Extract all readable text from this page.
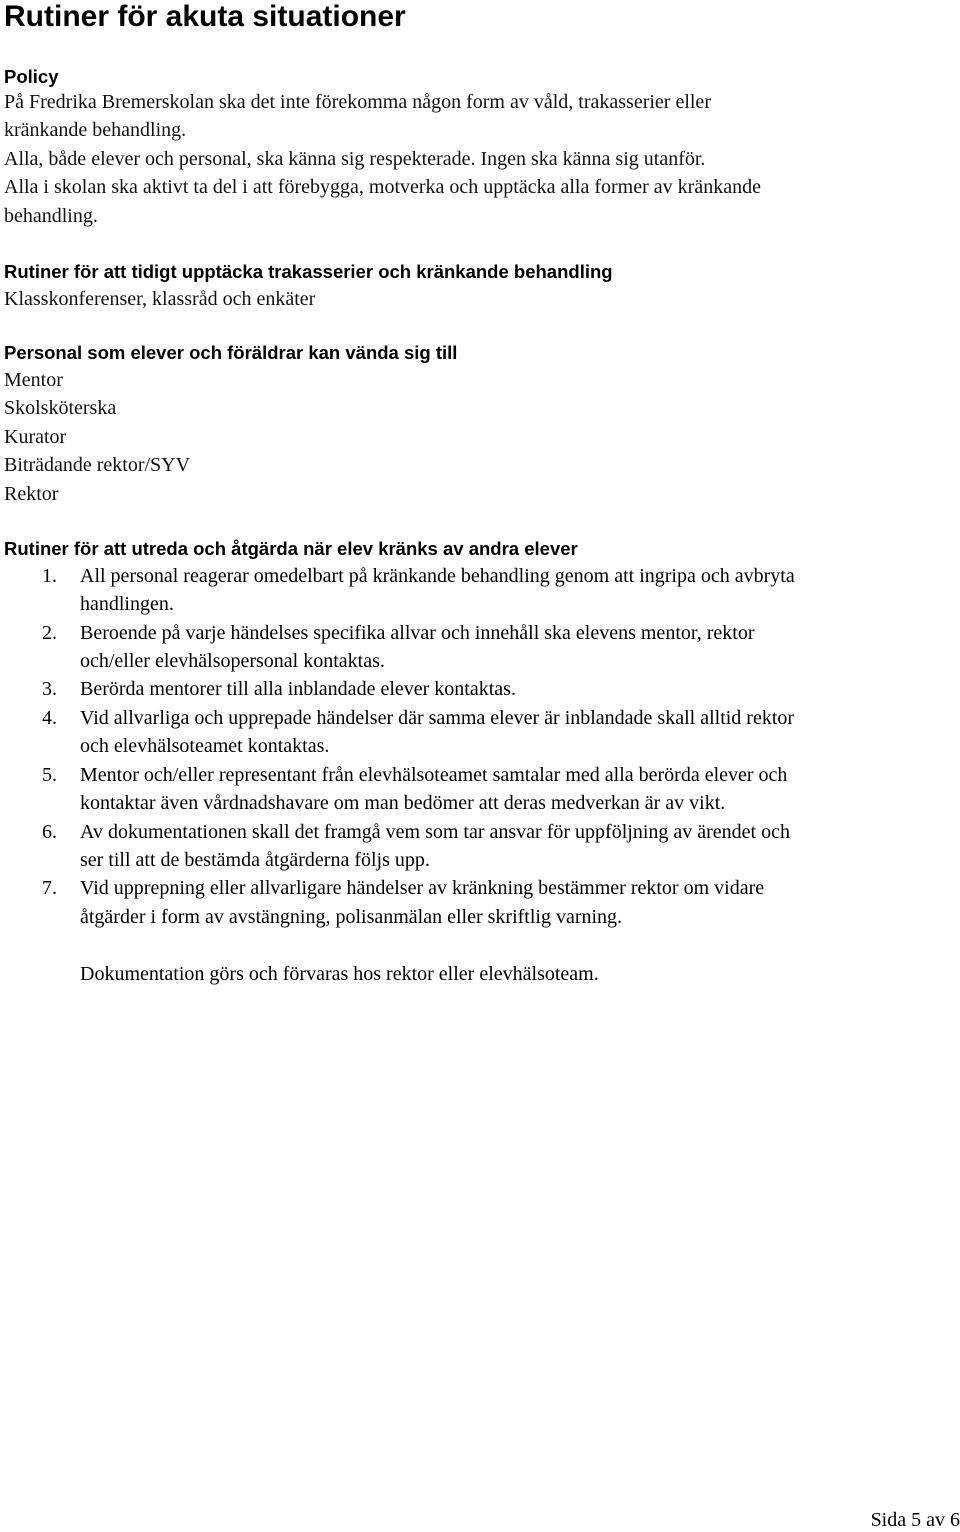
Rutiner för akuta situationer
Policy
På Fredrika Bremerskolan ska det inte förekomma någon form av våld, trakasserier eller
kränkande behandling.
Alla, både elever och personal, ska känna sig respekterade. Ingen ska känna sig utanför.
Alla i skolan ska aktivt ta del i att förebygga, motverka och upptäcka alla former av kränkande
behandling.
Rutiner för att tidigt upptäcka trakasserier och kränkande behandling
Klasskonferenser, klassråd och enkäter
Personal som elever och föräldrar kan vända sig till
Mentor
Skolsköterska
Kurator
Biträdande rektor/SYV
Rektor
Rutiner för att utreda och åtgärda när elev kränks av andra elever
1. All personal reagerar omedelbart på kränkande behandling genom att ingripa och avbryta
handlingen.
2. Beroende på varje händelses specifika allvar och innehåll ska elevens mentor, rektor
och/eller elevhälsopersonal kontaktas.
3. Berörda mentorer till alla inblandade elever kontaktas.
4. Vid allvarliga och upprepade händelser där samma elever är inblandade skall alltid rektor
och elevhälsoteamet kontaktas.
5. Mentor och/eller representant från elevhälsoteamet samtalar med alla berörda elever och
kontaktar även vårdnadshavare om man bedömer att deras medverkan är av vikt.
6. Av dokumentationen skall det framgå vem som tar ansvar för uppföljning av ärendet och
ser till att de bestämda åtgärderna följs upp.
7. Vid upprepning eller allvarligare händelser av kränkning bestämmer rektor om vidare
åtgärder i form av avstängning, polisanmälan eller skriftlig varning.
Dokumentation görs och förvaras hos rektor eller elevhälsoteam.
Sida 5 av 6
